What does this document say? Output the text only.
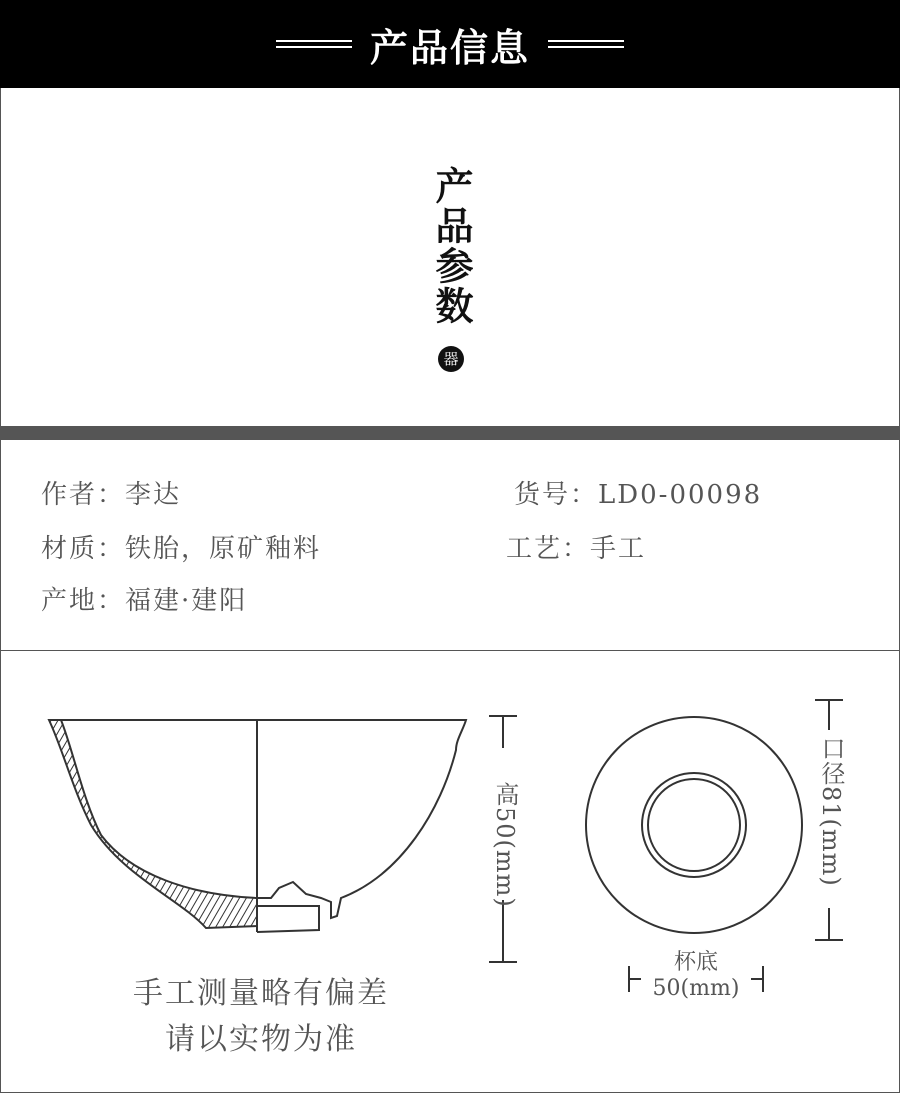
产品信息
产品参数
器
作者：李达	货号：LD0-00098
材质：铁胎，原矿釉料	工艺：手工
产地：福建·建阳
高50(mm)	口径81(mm)
杯底
50(mm)
手工测量略有偏差
请以实物为准
